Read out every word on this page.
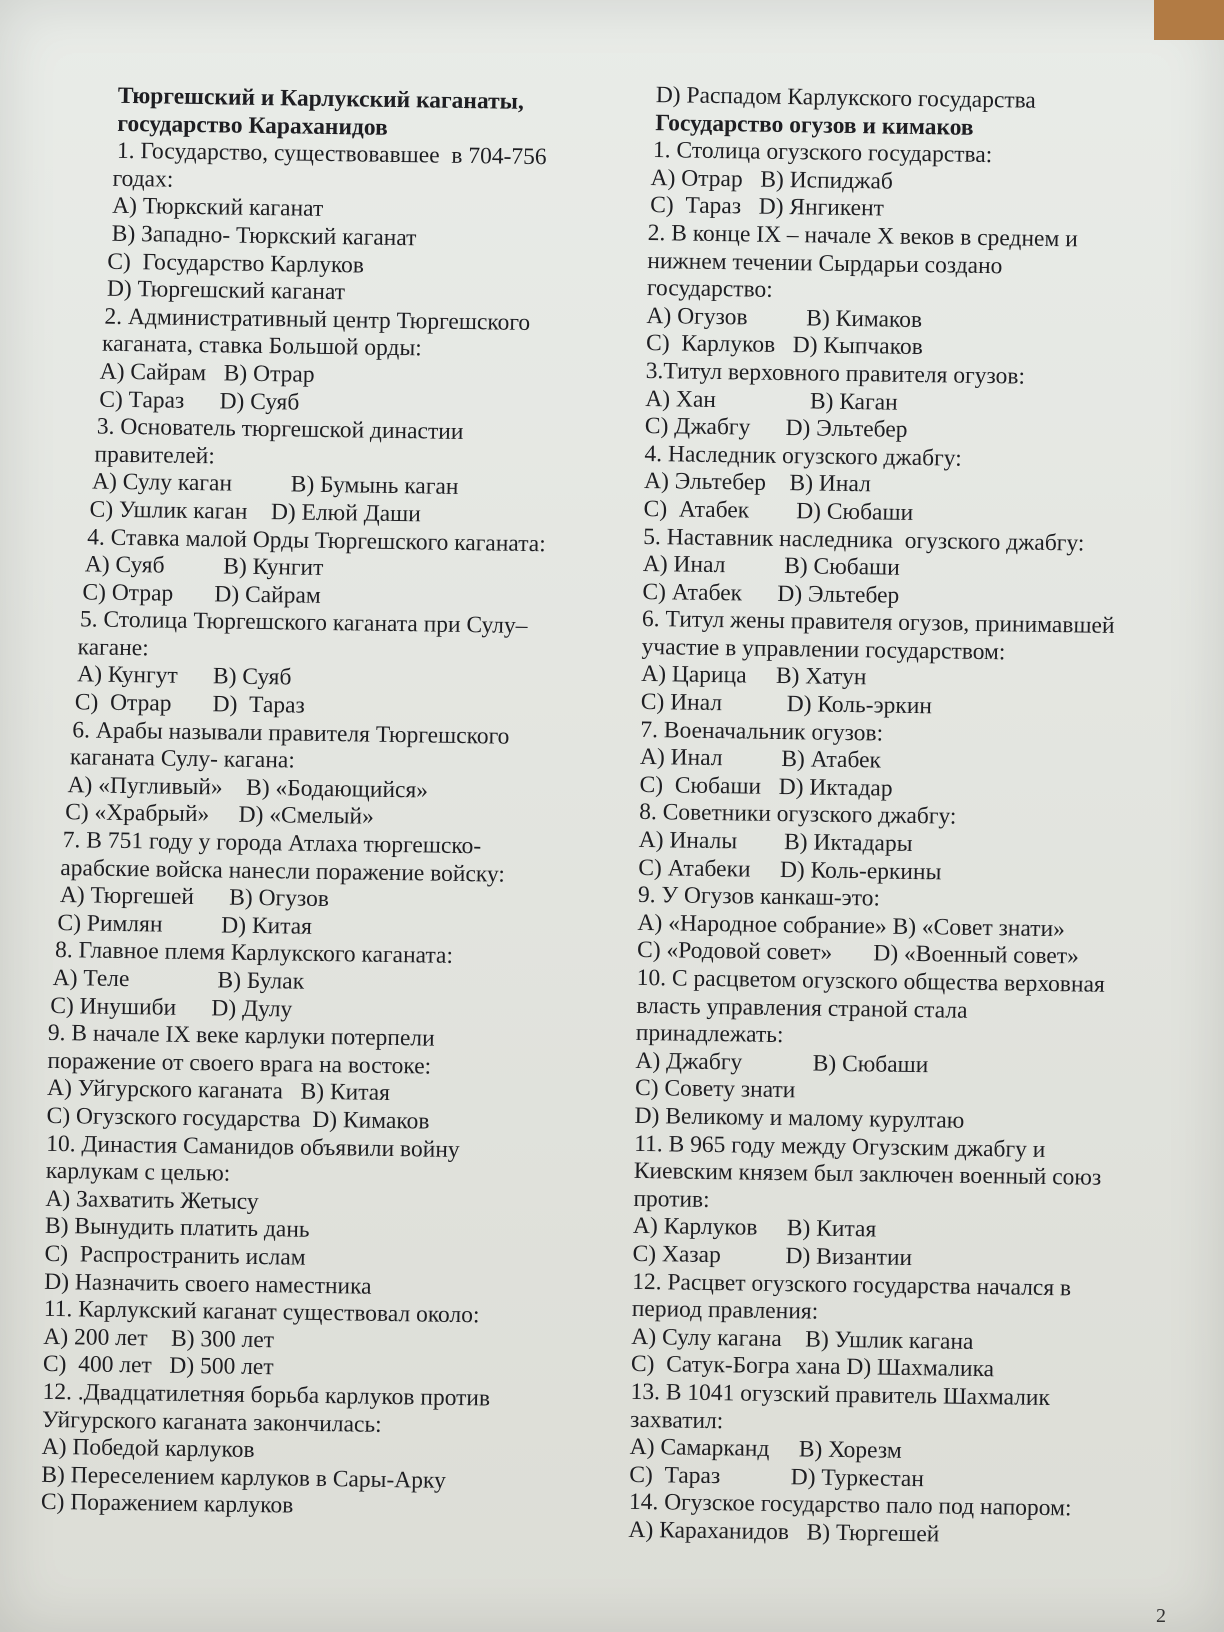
Тюргешский и Карлукский каганаты,
государство Караханидов
1. Государство, существовавшее  в 704-756
годах:
A) Тюркский каганат
B) Западно- Тюркский каганат
C)  Государство Карлуков
D) Тюргешский каганат
2. Административный центр Тюргешского
каганата, ставка Большой орды:
A) Сайрам   B) Отрар
C) Тараз      D) Суяб
3. Основатель тюргешской династии
правителей:
A) Сулу каган          B) Бумынь каган
C) Ушлик каган    D) Елюй Даши
4. Ставка малой Орды Тюргешского каганата:
A) Суяб          B) Кунгит
C) Отрар       D) Сайрам
5. Столица Тюргешского каганата при Сулу–
кагане:
A) Кунгут      B) Суяб
C)  Отрар       D)  Тараз
6. Арабы называли правителя Тюргешского
каганата Сулу- кагана:
A) «Пугливый»    B) «Бодающийся»
C) «Храбрый»     D) «Смелый»
7. В 751 году у города Атлаха тюргешско-
арабские войска нанесли поражение войску:
A) Тюргешей      B) Огузов
C) Римлян          D) Китая
8. Главное племя Карлукского каганата:
A) Теле               B) Булак
C) Инушиби      D) Дулу
9. В начале IX веке карлуки потерпели
поражение от своего врага на востоке:
A) Уйгурского каганата   B) Китая
C) Огузского государства  D) Кимаков
10. Династия Саманидов объявили войну
карлукам с целью:
A) Захватить Жетысу
B) Вынудить платить дань
C)  Распространить ислам
D) Назначить своего наместника
11. Карлукский каганат существовал около:
A) 200 лет    B) 300 лет
C)  400 лет   D) 500 лет
12. .Двадцатилетняя борьба карлуков против
Уйгурского каганата закончилась:
A) Победой карлуков
B) Переселением карлуков в Сары-Арку
C) Поражением карлуков
D) Распадом Карлукского государства
Государство огузов и кимаков
1. Столица огузского государства:
A) Отрар   B) Испиджаб
C)  Тараз   D) Янгикент
2. В конце IX – начале X веков в среднем и
нижнем течении Сырдарьи создано
государство:
A) Огузов          B) Кимаков
C)  Карлуков   D) Кыпчаков
3.Титул верховного правителя огузов:
A) Хан                B) Каган
C) Джабгу      D) Эльтебер
4. Наследник огузского джабгу:
A) Эльтебер    B) Инал
C)  Атабек        D) Сюбаши
5. Наставник наследника  огузского джабгу:
A) Инал          B) Сюбаши
C) Атабек      D) Эльтебер
6. Титул жены правителя огузов, принимавшей
участие в управлении государством:
A) Царица     B) Хатун
C) Инал           D) Коль-эркин
7. Военачальник огузов:
A) Инал          B) Атабек
C)  Сюбаши   D) Иктадар
8. Советники огузского джабгу:
A) Иналы        B) Иктадары
C) Атабеки     D) Коль-еркины
9. У Огузов канкаш-это:
A) «Народное собрание» B) «Совет знати»
C) «Родовой совет»       D) «Военный совет»
10. С расцветом огузского общества верховная
власть управления страной стала
принадлежать:
A) Джабгу            B) Сюбаши
C) Совету знати
D) Великому и малому курултаю
11. В 965 году между Огузским джабгу и
Киевским князем был заключен военный союз
против:
A) Карлуков     B) Китая
C) Хазар           D) Византии
12. Расцвет огузского государства начался в
период правления:
A) Сулу кагана    B) Ушлик кагана
C)  Сатук-Богра хана D) Шахмалика
13. В 1041 огузский правитель Шахмалик
захватил:
A) Самарканд     B) Хорезм
C)  Тараз            D) Туркестан
14. Огузское государство пало под напором:
A) Караханидов   B) Тюргешей
2
